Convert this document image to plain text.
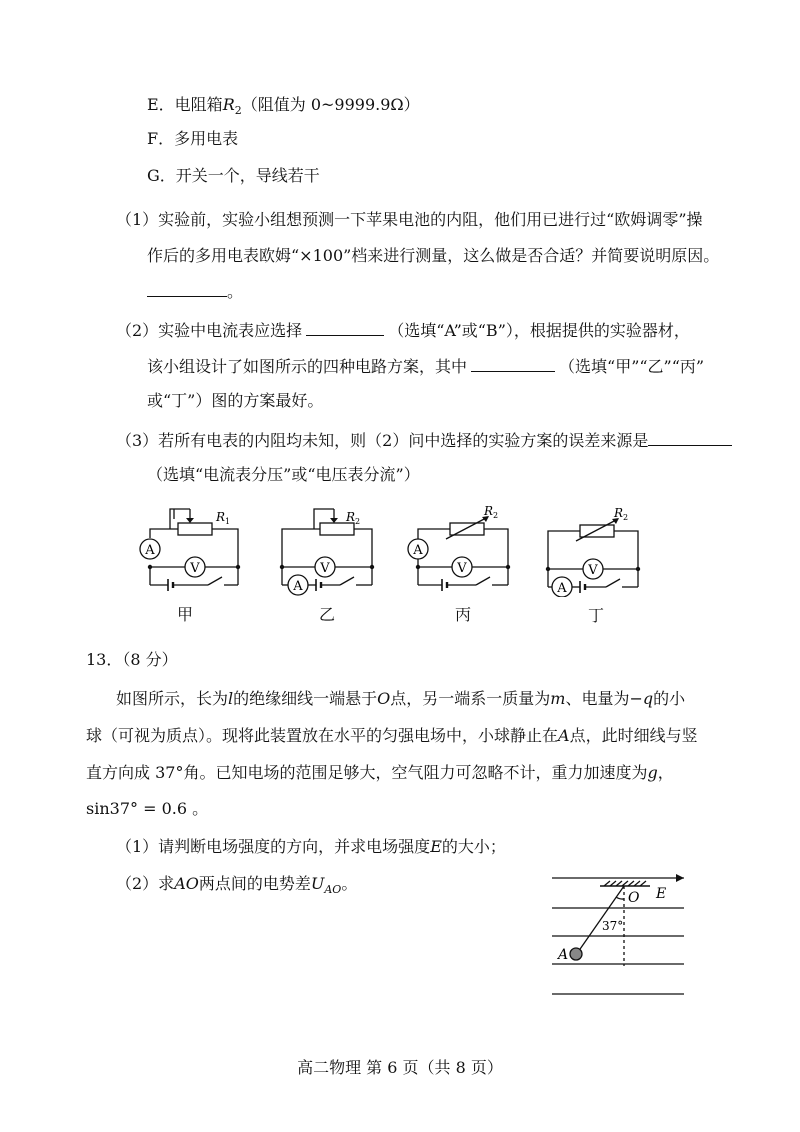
E．电阻箱$R_2$（阻值为 0~9999.9Ω）
F．多用电表
G．开关一个，导线若干
（1）实验前，实验小组想预测一下苹果电池的内阻，他们用已进行过“欧姆调零”操
作后的多用电表欧姆“×100”档来进行测量，这么做是否合适？并简要说明原因。
。
（2）实验中电流表应选择	（选填“A”或“B”），根据提供的实验器材，
该小组设计了如图所示的四种电路方案，其中	（选填“甲”“乙”“丙”
或“丁”）图的方案最好。
（3）若所有电表的内阻均未知，则（2）问中选择的实验方案的误差来源是
（选填“电流表分压”或“电压表分流”）
A
V
R 1
A
V
R 2
A
V
R 2
A
V
R 2
甲	乙	丙	丁
13．（8 分）
如图所示，长为l的绝缘细线一端悬于O点，另一端系一质量为m、电量为−q的小
球（可视为质点）。现将此装置放在水平的匀强电场中，小球静止在A点，此时细线与竖
直方向成 37°角。已知电场的范围足够大，空气阻力可忽略不计，重力加速度为g，
sin37° = 0.6 。
（1）请判断电场强度的方向，并求电场强度E的大小；
（2）求AO两点间的电势差$U_{AO}$。
O E
37°
A
高二物理 第 6 页（共 8 页）
